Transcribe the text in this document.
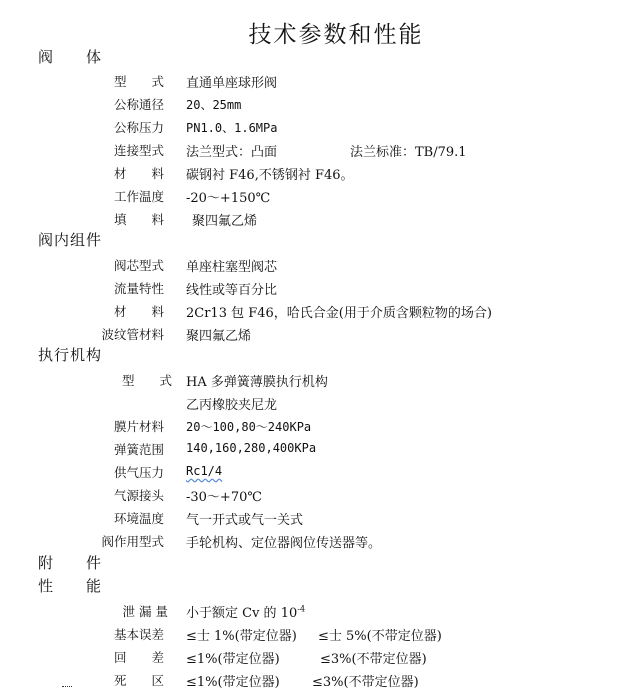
技术参数和性能
阀　　体
阀内组件
执行机构
附　　件
性　　能
型　　式 直通单座球形阀
公称通径 20、25mm
公称压力 PN1.0、1.6MPa
连接型式 法兰型式：凸面	法兰标准：TB/79.1
材　　料 碳钢衬 F46,不锈钢衬 F46。
工作温度 -20～+150℃
填　　料 聚四氟乙烯
阀芯型式 单座柱塞型阀芯
流量特性 线性或等百分比
材　　料 2Cr13 包 F46，哈氏合金(用于介质含颗粒物的场合)
波纹管材料 聚四氟乙烯
型　　式 HA 多弹簧薄膜执行机构
乙丙橡胶夹尼龙
膜片材料 20～100,80～240KPa
弹簧范围 140,160,280,400KPa
供气压力 Rc1/4
气源接头 -30～+70℃
环境温度 气一开式或气一关式
阀作用型式 手轮机构、定位器阀位传送器等。
泄 漏 量 小于额定 Cv 的 $10^{-4}$
基本误差 ≤士 1%(带定位器) ≤士 5%(不带定位器)
回　　差 ≤1%(带定位器)	≤3%(不带定位器)
死　　区 ≤1%(带定位器) ≤3%(不带定位器)
